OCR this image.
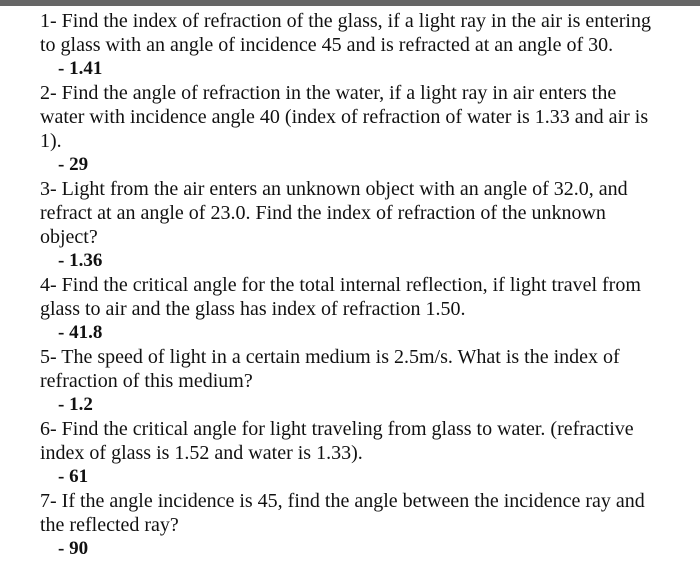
1- Find the index of refraction of the glass, if a light ray in the air is entering to glass with an angle of incidence 45 and is refracted at an angle of 30.

- 1.41

2- Find the angle of refraction in the water, if a light ray in air enters the water with incidence angle 40 (index of refraction of water is 1.33 and air is 1).

- 29

3- Light from the air enters an unknown object with an angle of 32.0, and refract at an angle of 23.0. Find the index of refraction of the unknown object?

- 1.36

4- Find the critical angle for the total internal reflection, if light travel from glass to air and the glass has index of refraction 1.50.

- 41.8

5- The speed of light in a certain medium is 2.5m/s. What is the index of refraction of this medium?

- 1.2

6- Find the critical angle for light traveling from glass to water. (refractive index of glass is 1.52 and water is 1.33).

- 61

7- If the angle incidence is 45, find the angle between the incidence ray and the reflected ray?

- 90
